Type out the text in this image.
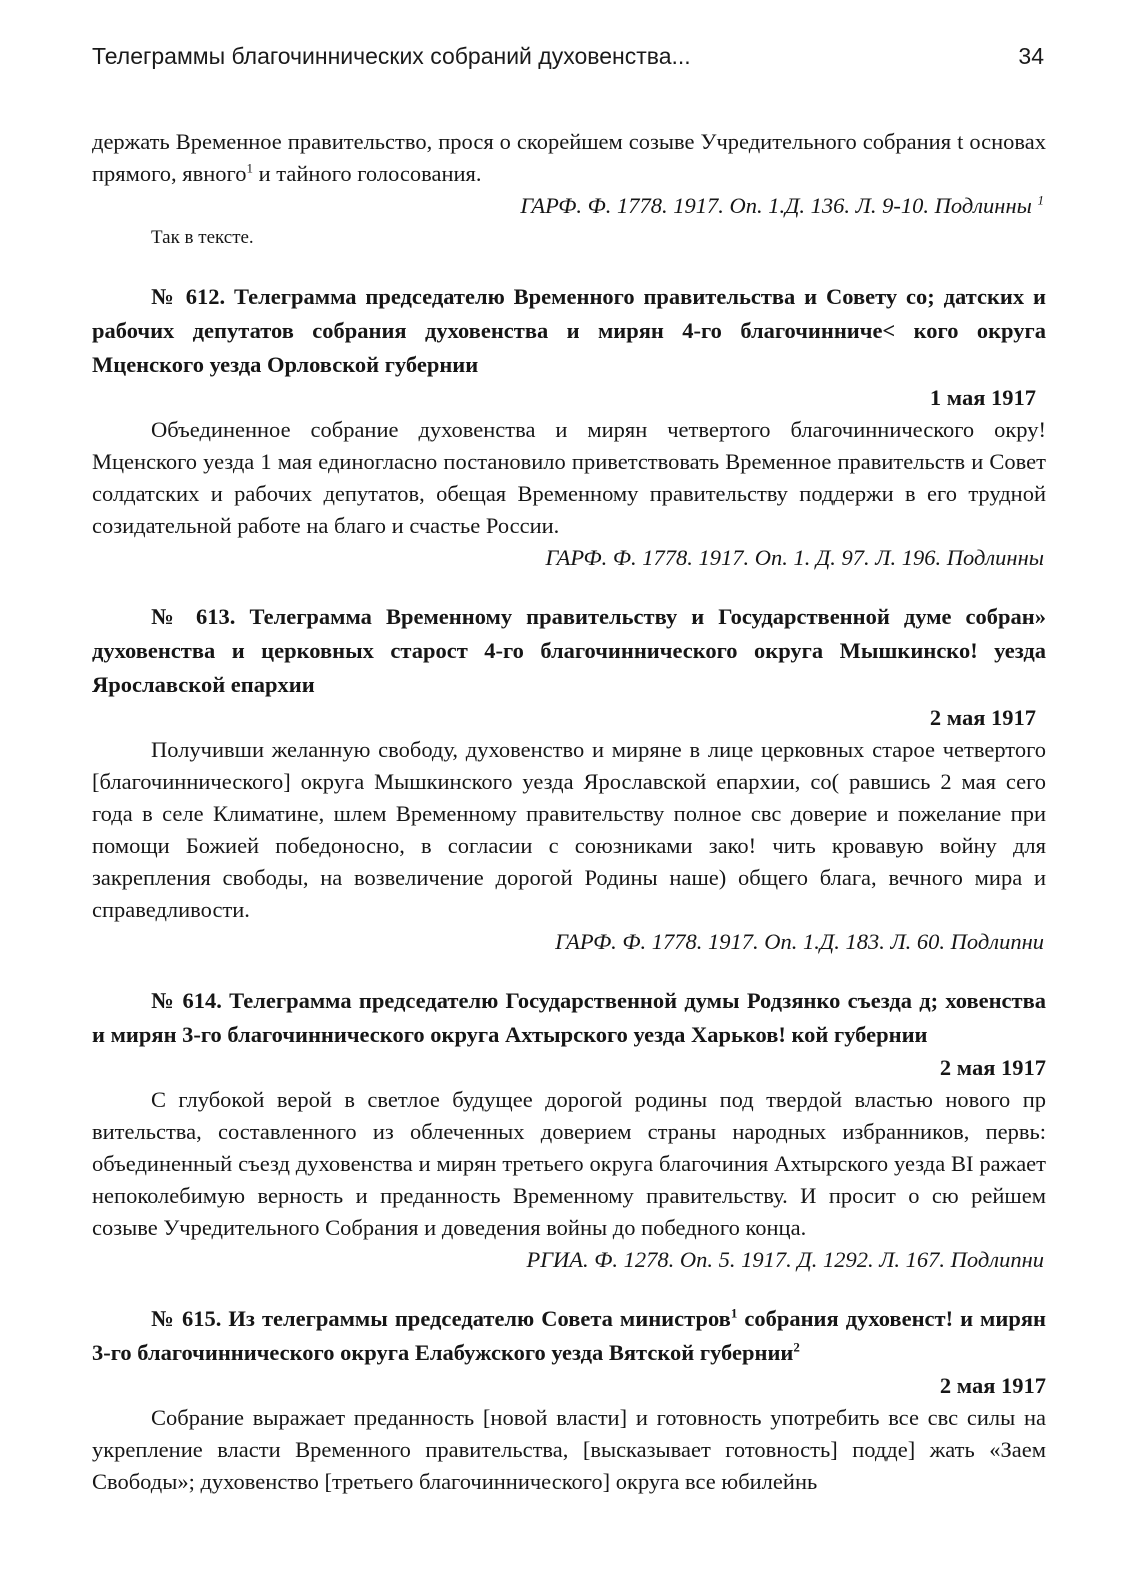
Телеграммы благочиннических собраний духовенства...	34

держать Временное правительство, прося о скорейшем созыве Учредительного собрания t основах прямого, явного$^1$ и тайного голосования.

ГАРФ. Ф. 1778. 1917. Оп. 1.Д. 136. Л. 9-10. Подлинны $^1$

Так в тексте.

№ 612. Телеграмма председателю Временного правительства и Совету со; датских и рабочих депутатов собрания духовенства и мирян 4-го благочинниче< кого округа Мценского уезда Орловской губернии

1 мая 1917

Объединенное собрание духовенства и мирян четвертого благочиннического окру! Мценского уезда 1 мая единогласно постановило приветствовать Временное правительств и Совет солдатских и рабочих депутатов, обещая Временному правительству поддержи в его трудной созидательной работе на благо и счастье России.

ГАРФ. Ф. 1778. 1917. Оп. 1. Д. 97. Л. 196. Подлинны

№ 613. Телеграмма Временному правительству и Государственной думе собран» духовенства и церковных старост 4-го благочиннического округа Мышкинско! уезда Ярославской епархии

2 мая 1917

Получивши желанную свободу, духовенство и миряне в лице церковных старое четвертого [благочиннического] округа Мышкинского уезда Ярославской епархии, со( равшись 2 мая сего года в селе Климатине, шлем Временному правительству полное свс доверие и пожелание при помощи Божией победоносно, в согласии с союзниками зако! чить кровавую войну для закрепления свободы, на возвеличение дорогой Родины наше) общего блага, вечного мира и справедливости.

ГАРФ. Ф. 1778. 1917. Оп. 1.Д. 183. Л. 60. Подлипни

№ 614. Телеграмма председателю Государственной думы Родзянко съезда д; ховенства и мирян 3-го благочиннического округа Ахтырского уезда Харьков! кой губернии

2 мая 1917

С глубокой верой в светлое будущее дорогой родины под твердой властью нового пр вительства, составленного из облеченных доверием страны народных избранников, первь: объединенный съезд духовенства и мирян третьего округа благочиния Ахтырского уезда ВI ражает непоколебимую верность и преданность Временному правительству. И просит о сю рейшем созыве Учредительного Собрания и доведения войны до победного конца.

РГИА. Ф. 1278. Оп. 5. 1917. Д. 1292. Л. 167. Подлипни

№ 615. Из телеграммы председателю Совета министров$^1$ собрания духовенст! и мирян 3-го благочиннического округа Елабужского уезда Вятской губернии$^2$

2 мая 1917

Собрание выражает преданность [новой власти] и готовность употребить все свс силы на укрепление власти Временного правительства, [высказывает готовность] подде] жать «Заем Свободы»; духовенство [третьего благочиннического] округа все юбилейнь
